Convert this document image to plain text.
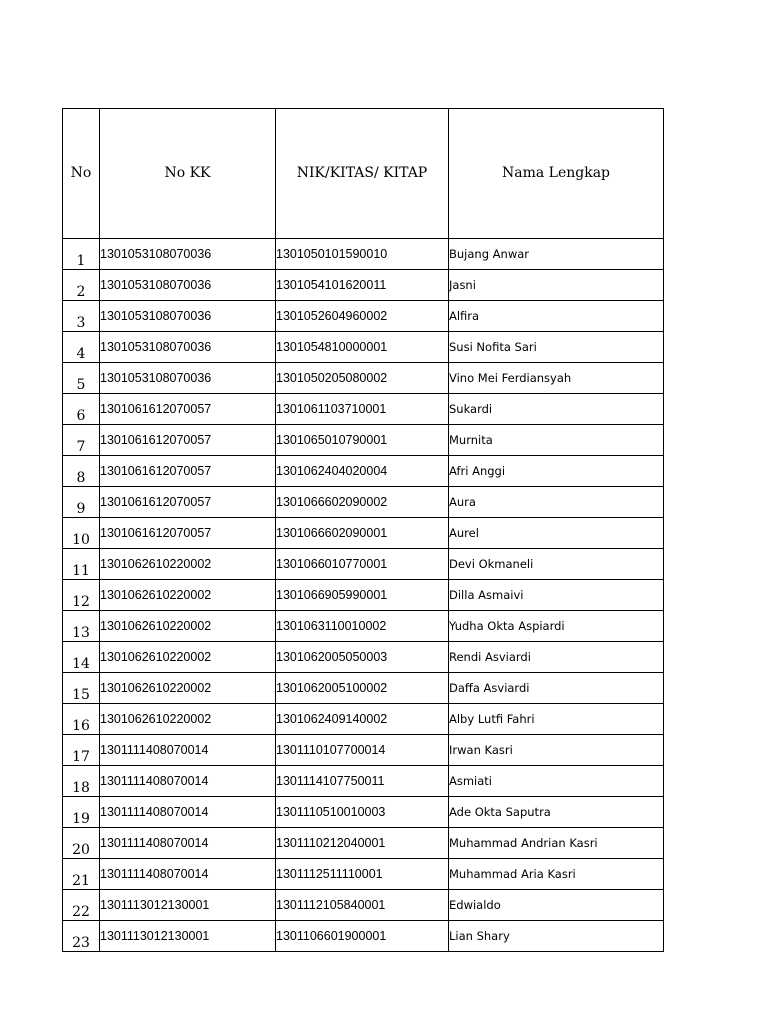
No	No KK	NIK/KITAS/ KITAP	Nama Lengkap
1	1301053108070036	1301050101590010	Bujang Anwar
2	1301053108070036	1301054101620011	Jasni
3	1301053108070036	1301052604960002	Alfira
4	1301053108070036	1301054810000001	Susi Nofita Sari
5	1301053108070036	1301050205080002	Vino Mei Ferdiansyah
6	1301061612070057	1301061103710001	Sukardi
7	1301061612070057	1301065010790001	Murnita
8	1301061612070057	1301062404020004	Afri Anggi
9	1301061612070057	1301066602090002	Aura
10	1301061612070057	1301066602090001	Aurel
11	1301062610220002	1301066010770001	Devi Okmaneli
12	1301062610220002	1301066905990001	Dilla Asmaivi
13	1301062610220002	1301063110010002	Yudha Okta Aspiardi
14	1301062610220002	1301062005050003	Rendi Asviardi
15	1301062610220002	1301062005100002	Daffa Asviardi
16	1301062610220002	1301062409140002	Alby Lutfi Fahri
17	1301111408070014	1301110107700014	Irwan Kasri
18	1301111408070014	1301114107750011	Asmiati
19	1301111408070014	1301110510010003	Ade Okta Saputra
20	1301111408070014	1301110212040001	Muhammad Andrian Kasri
21	1301111408070014	1301112511110001	Muhammad Aria Kasri
22	1301113012130001	1301112105840001	Edwialdo
23	1301113012130001	1301106601900001	Lian Shary
